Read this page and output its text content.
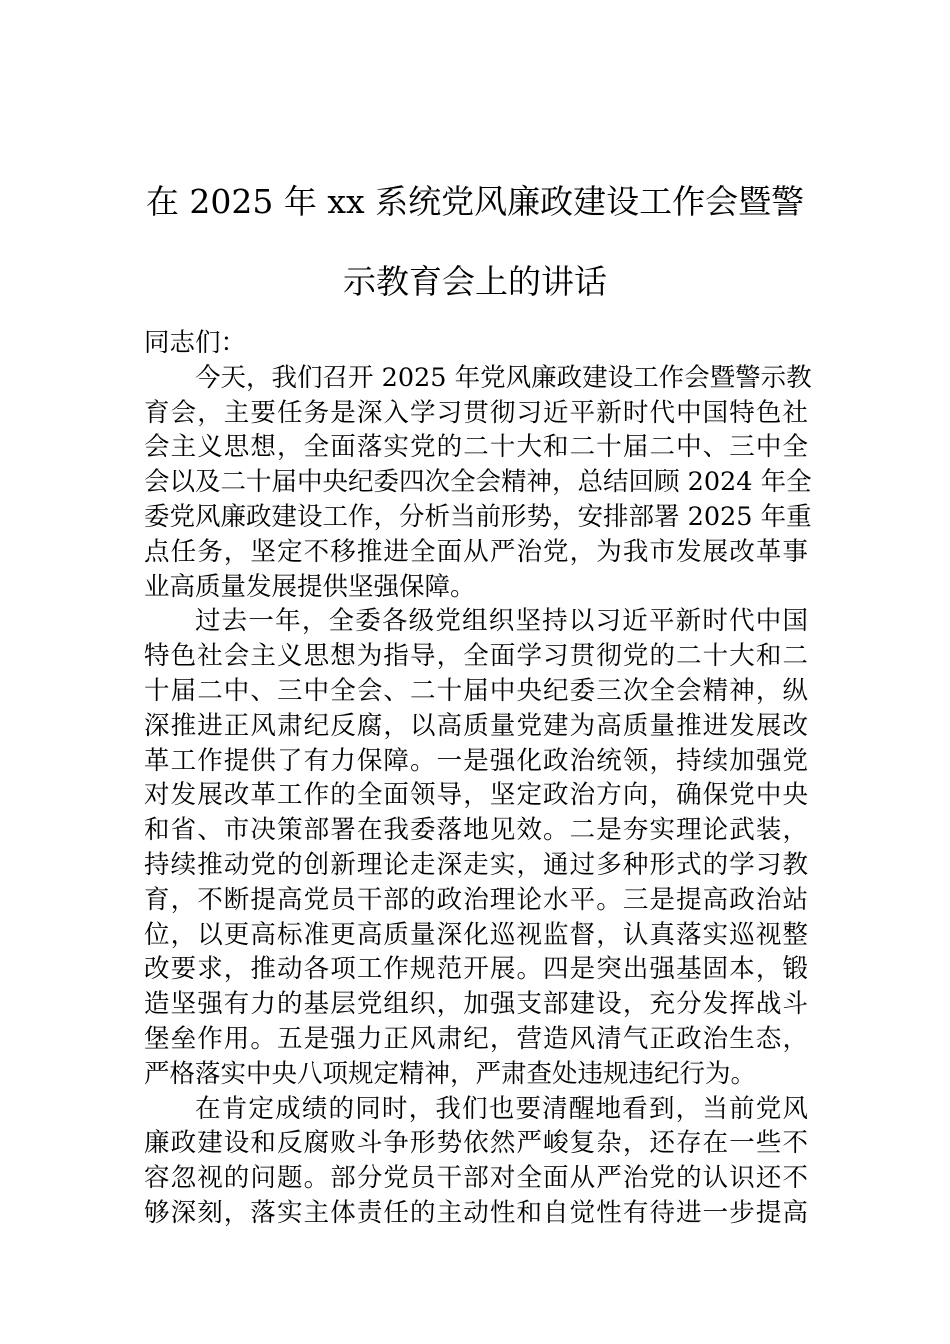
在 2025 年 xx 系统党风廉政建设工作会暨警
示教育会上的讲话
同志们：
今天，我们召开 2025 年党风廉政建设工作会暨警示教
育会，主要任务是深入学习贯彻习近平新时代中国特色社
会主义思想，全面落实党的二十大和二十届二中、三中全
会以及二十届中央纪委四次全会精神，总结回顾 2024 年全
委党风廉政建设工作，分析当前形势，安排部署 2025 年重
点任务，坚定不移推进全面从严治党，为我市发展改革事
业高质量发展提供坚强保障。
过去一年，全委各级党组织坚持以习近平新时代中国
特色社会主义思想为指导，全面学习贯彻党的二十大和二
十届二中、三中全会、二十届中央纪委三次全会精神，纵
深推进正风肃纪反腐，以高质量党建为高质量推进发展改
革工作提供了有力保障。一是强化政治统领，持续加强党
对发展改革工作的全面领导，坚定政治方向，确保党中央
和省、市决策部署在我委落地见效。二是夯实理论武装，
持续推动党的创新理论走深走实，通过多种形式的学习教
育，不断提高党员干部的政治理论水平。三是提高政治站
位，以更高标准更高质量深化巡视监督，认真落实巡视整
改要求，推动各项工作规范开展。四是突出强基固本，锻
造坚强有力的基层党组织，加强支部建设，充分发挥战斗
堡垒作用。五是强力正风肃纪，营造风清气正政治生态，
严格落实中央八项规定精神，严肃查处违规违纪行为。
在肯定成绩的同时，我们也要清醒地看到，当前党风
廉政建设和反腐败斗争形势依然严峻复杂，还存在一些不
容忽视的问题。部分党员干部对全面从严治党的认识还不
够深刻，落实主体责任的主动性和自觉性有待进一步提高
